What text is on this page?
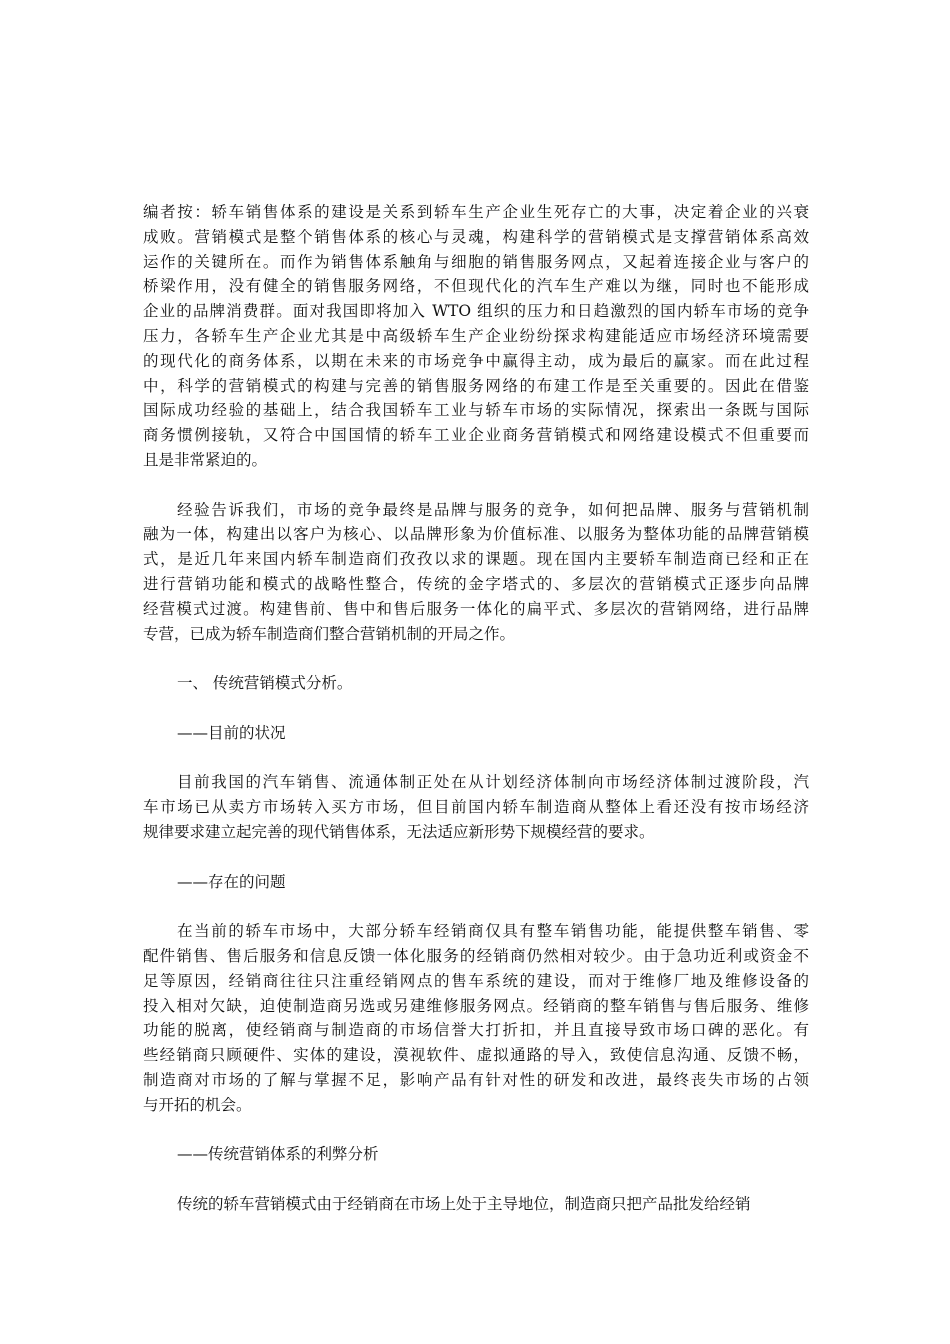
编者按：轿车销售体系的建设是关系到轿车生产企业生死存亡的大事，决定着企业的兴衰
成败。营销模式是整个销售体系的核心与灵魂，构建科学的营销模式是支撑营销体系高效
运作的关键所在。而作为销售体系触角与细胞的销售服务网点，又起着连接企业与客户的
桥梁作用，没有健全的销售服务网络，不但现代化的汽车生产难以为继，同时也不能形成
企业的品牌消费群。面对我国即将加入 WTO 组织的压力和日趋激烈的国内轿车市场的竞争
压力，各轿车生产企业尤其是中高级轿车生产企业纷纷探求构建能适应市场经济环境需要
的现代化的商务体系，以期在未来的市场竞争中赢得主动，成为最后的赢家。而在此过程
中，科学的营销模式的构建与完善的销售服务网络的布建工作是至关重要的。因此在借鉴
国际成功经验的基础上，结合我国轿车工业与轿车市场的实际情况，探索出一条既与国际
商务惯例接轨，又符合中国国情的轿车工业企业商务营销模式和网络建设模式不但重要而
且是非常紧迫的。
经验告诉我们，市场的竞争最终是品牌与服务的竞争，如何把品牌、服务与营销机制
融为一体，构建出以客户为核心、以品牌形象为价值标准、以服务为整体功能的品牌营销模
式，是近几年来国内轿车制造商们孜孜以求的课题。现在国内主要轿车制造商已经和正在
进行营销功能和模式的战略性整合，传统的金字塔式的、多层次的营销模式正逐步向品牌
经营模式过渡。构建售前、售中和售后服务一体化的扁平式、多层次的营销网络，进行品牌
专营，已成为轿车制造商们整合营销机制的开局之作。
一、 传统营销模式分析。
——目前的状况
目前我国的汽车销售、流通体制正处在从计划经济体制向市场经济体制过渡阶段，汽
车市场已从卖方市场转入买方市场，但目前国内轿车制造商从整体上看还没有按市场经济
规律要求建立起完善的现代销售体系，无法适应新形势下规模经营的要求。
——存在的问题
在当前的轿车市场中，大部分轿车经销商仅具有整车销售功能，能提供整车销售、零
配件销售、售后服务和信息反馈一体化服务的经销商仍然相对较少。由于急功近利或资金不
足等原因，经销商往往只注重经销网点的售车系统的建设，而对于维修厂地及维修设备的
投入相对欠缺，迫使制造商另选或另建维修服务网点。经销商的整车销售与售后服务、维修
功能的脱离，使经销商与制造商的市场信誉大打折扣，并且直接导致市场口碑的恶化。有
些经销商只顾硬件、实体的建设，漠视软件、虚拟通路的导入，致使信息沟通、反馈不畅，
制造商对市场的了解与掌握不足，影响产品有针对性的研发和改进，最终丧失市场的占领
与开拓的机会。
——传统营销体系的利弊分析
传统的轿车营销模式由于经销商在市场上处于主导地位，制造商只把产品批发给经销
